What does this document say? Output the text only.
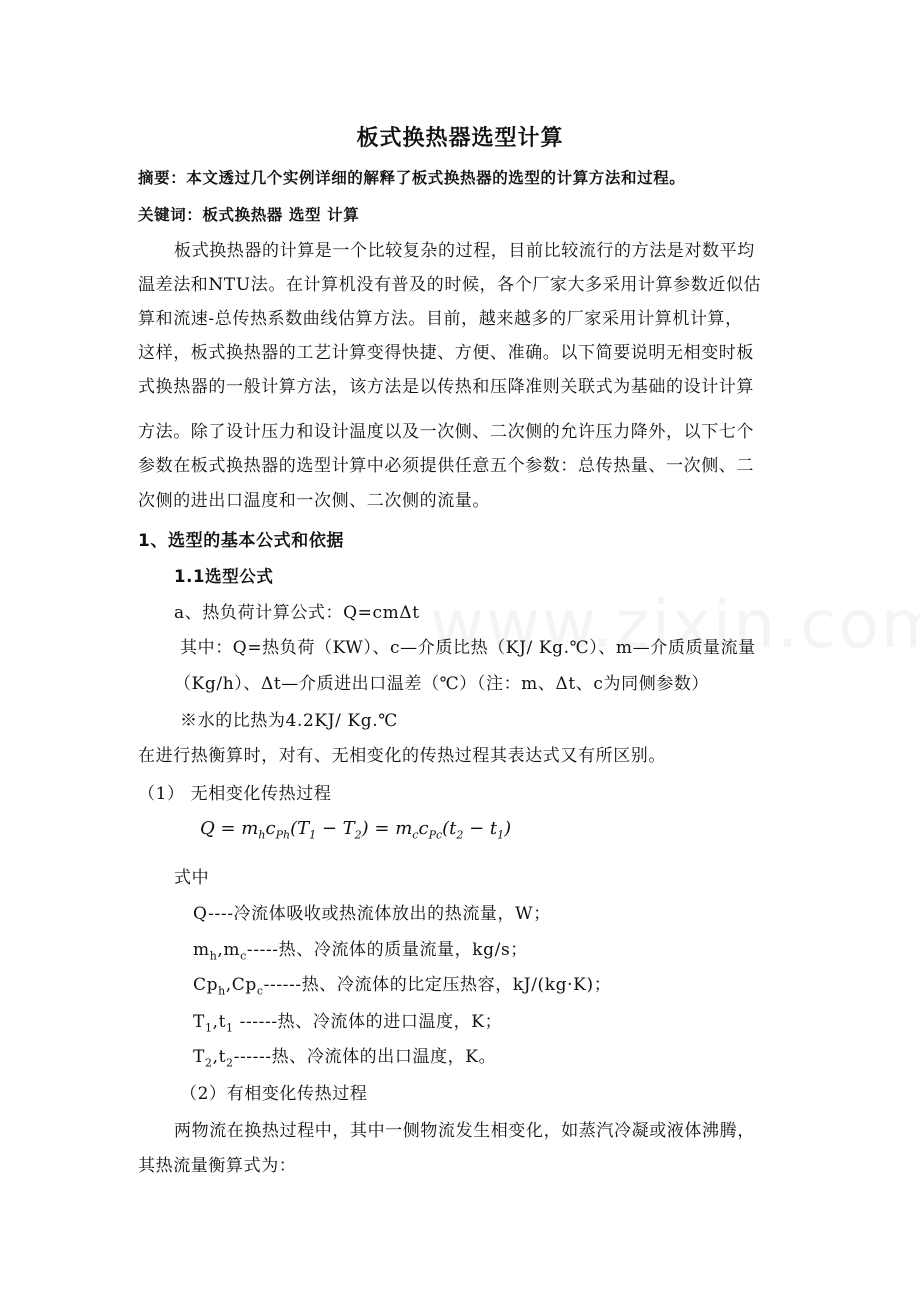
板式换热器选型计算
摘要：本文透过几个实例详细的解释了板式换热器的选型的计算方法和过程。
关键词：板式换热器 选型 计算
板式换热器的计算是一个比较复杂的过程，目前比较流行的方法是对数平均
温差法和NTU法。在计算机没有普及的时候，各个厂家大多采用计算参数近似估
算和流速-总传热系数曲线估算方法。目前，越来越多的厂家采用计算机计算，
这样，板式换热器的工艺计算变得快捷、方便、准确。以下简要说明无相变时板
式换热器的一般计算方法，该方法是以传热和压降准则关联式为基础的设计计算
方法。除了设计压力和设计温度以及一次侧、二次侧的允许压力降外，以下七个
参数在板式换热器的选型计算中必须提供任意五个参数：总传热量、一次侧、二
次侧的进出口温度和一次侧、二次侧的流量。
1、选型的基本公式和依据
1.1选型公式
a、热负荷计算公式：Q=cmΔt
其中：Q=热负荷（KW）、c—介质比热（KJ/ Kg.℃）、m—介质质量流量
（Kg/h）、Δt—介质进出口温差（℃）（注：m、Δt、c为同侧参数）
※水的比热为4.2KJ/ Kg.℃
在进行热衡算时，对有、无相变化的传热过程其表达式又有所区别。
（1） 无相变化传热过程
$Q = m_hc_{Ph}(T_1 - T_2) = m_cc_{Pc}(t_2 - t_1)$
式中
Q----冷流体吸收或热流体放出的热流量，W；
$m_h,m_c-----$热、冷流体的质量流量，kg/s；
$Cp_h,Cp_c------$热、冷流体的比定压热容，kJ/(kg·K)；
$T_1,t_1$ ------热、冷流体的进口温度，K；
$T_2,t_2------$热、冷流体的出口温度，K。
（2）有相变化传热过程
两物流在换热过程中，其中一侧物流发生相变化，如蒸汽冷凝或液体沸腾，
其热流量衡算式为：
